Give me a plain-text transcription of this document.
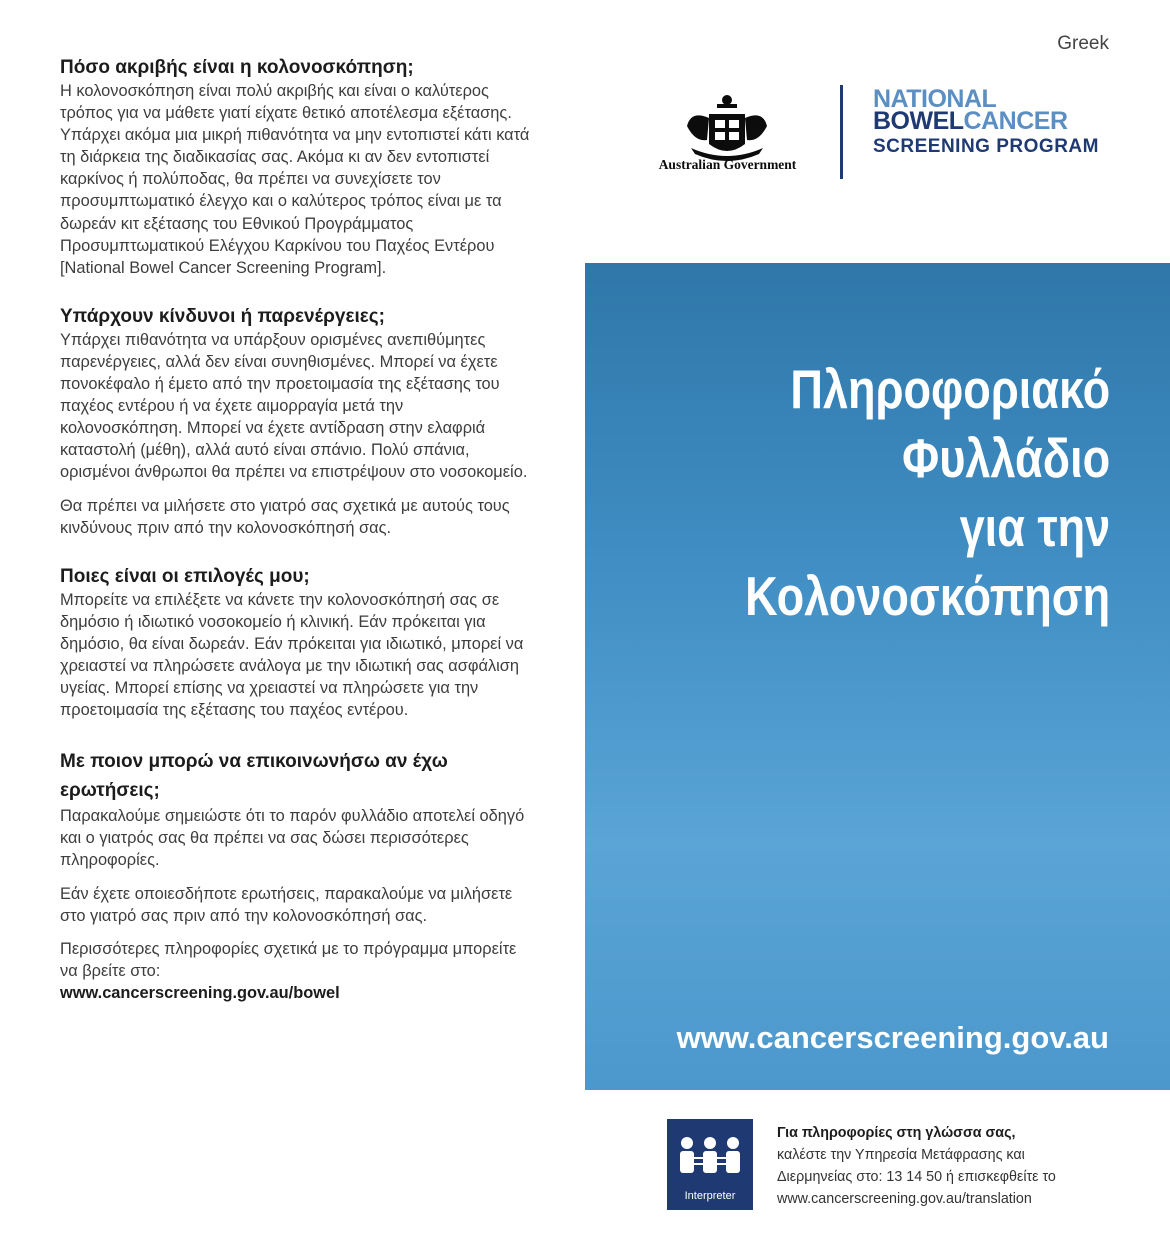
Πόσο ακριβής είναι η κολονοσκόπηση;

Η κολονοσκόπηση είναι πολύ ακριβής και είναι ο καλύτερος τρόπος για να μάθετε γιατί είχατε θετικό αποτέλεσμα εξέτασης. Υπάρχει ακόμα μια μικρή πιθανότητα να μην εντοπιστεί κάτι κατά τη διάρκεια της διαδικασίας σας. Ακόμα κι αν δεν εντοπιστεί καρκίνος ή πολύποδας, θα πρέπει να συνεχίσετε τον προσυμπτωματικό έλεγχο και ο καλύτερος τρόπος είναι με τα δωρεάν κιτ εξέτασης του Εθνικού Προγράμματος Προσυμπτωματικού Ελέγχου Καρκίνου του Παχέος Εντέρου [National Bowel Cancer Screening Program].

Υπάρχουν κίνδυνοι ή παρενέργειες;

Υπάρχει πιθανότητα να υπάρξουν ορισμένες ανεπιθύμητες παρενέργειες, αλλά δεν είναι συνηθισμένες. Μπορεί να έχετε πονοκέφαλο ή έμετο από την προετοιμασία της εξέτασης του παχέος εντέρου ή να έχετε αιμορραγία μετά την κολονοσκόπηση. Μπορεί να έχετε αντίδραση στην ελαφριά καταστολή (μέθη), αλλά αυτό είναι σπάνιο. Πολύ σπάνια, ορισμένοι άνθρωποι θα πρέπει να επιστρέψουν στο νοσοκομείο.

Θα πρέπει να μιλήσετε στο γιατρό σας σχετικά με αυτούς τους κινδύνους πριν από την κολονοσκόπησή σας.

Ποιες είναι οι επιλογές μου;

Μπορείτε να επιλέξετε να κάνετε την κολονοσκόπησή σας σε δημόσιο ή ιδιωτικό νοσοκομείο ή κλινική. Εάν πρόκειται για δημόσιο, θα είναι δωρεάν. Εάν πρόκειται για ιδιωτικό, μπορεί να χρειαστεί να πληρώσετε ανάλογα με την ιδιωτική σας ασφάλιση υγείας. Μπορεί επίσης να χρειαστεί να πληρώσετε για την προετοιμασία της εξέτασης του παχέος εντέρου.

Με ποιον μπορώ να επικοινωνήσω αν έχω ερωτήσεις;

Παρακαλούμε σημειώστε ότι το παρόν φυλλάδιο αποτελεί οδηγό και ο γιατρός σας θα πρέπει να σας δώσει περισσότερες πληροφορίες.

Εάν έχετε οποιεσδήποτε ερωτήσεις, παρακαλούμε να μιλήσετε στο γιατρό σας πριν από την κολονοσκόπησή σας.

Περισσότερες πληροφορίες σχετικά με το πρόγραμμα μπορείτε να βρείτε στο:

www.cancerscreening.gov.au/bowel
Greek
Australian Government
NATIONAL
BOWELCANCER
SCREENING PROGRAM
Πληροφοριακό
Φυλλάδιο
για την
Κολονοσκόπηση
www.cancerscreening.gov.au
Interpreter
Για πληροφορίες στη γλώσσα σας,
καλέστε την Υπηρεσία Μετάφρασης και
Διερμηνείας στο: 13 14 50 ή επισκεφθείτε το
www.cancerscreening.gov.au/translation
